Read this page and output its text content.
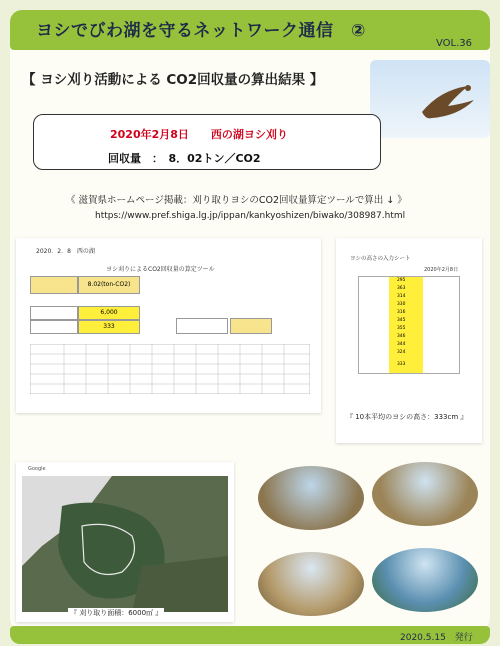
ヨシでびわ湖を守るネットワーク通信　②
VOL.36
【 ヨシ刈り活動による CO2回収量の算出結果 】
2020年2月8日　　西の湖ヨシ刈り
回収量　：　8．02トン／CO2
《 滋賀県ホームページ掲載：刈り取りヨシのCO2回収量算定ツールで算出 ↓ 》
https://www.pref.shiga.lg.jp/ippan/kankyoshizen/biwako/308987.html
2020．2．8　西の湖
ヨシ刈りによるCO2回収量の算定ツール
8.02(ton-CO2)
6,000
333
ヨシの高さの入力シート
2020年2月8日
295
363
314
330
316
345
355
346
344
324
333
『 10本平均のヨシの高さ：333cm 』
Google
『 刈り取り面積：6000㎡ 』
2020.5.15　発行
